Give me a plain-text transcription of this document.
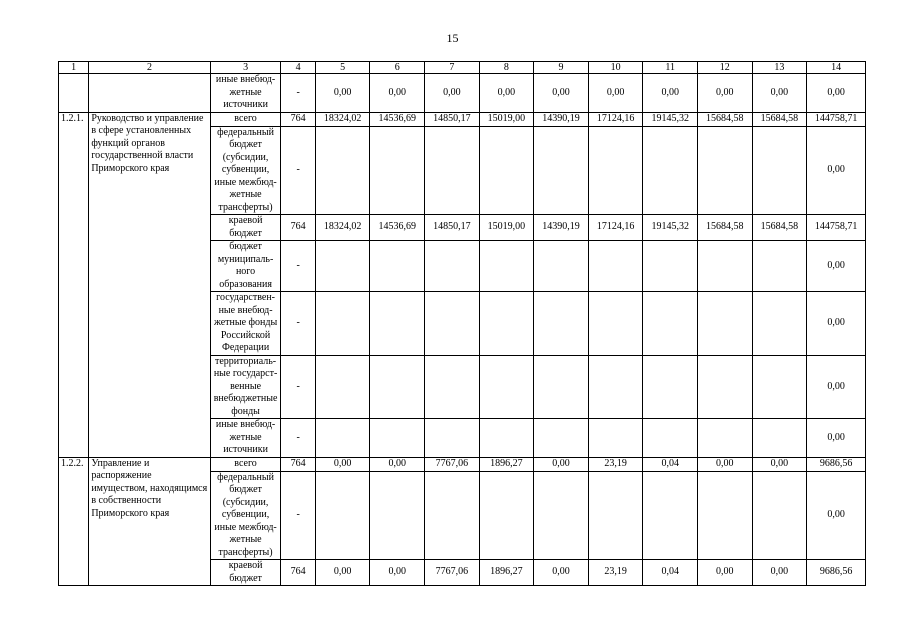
15
1	2	3	4	5	6	7	8	9	10	11	12	13	14
		иные внебюд-жетные источники	-	0,00	0,00	0,00	0,00	0,00	0,00	0,00	0,00	0,00	0,00
1.2.1.	Руководство и управление в сфере установленных функций органов государственной власти Приморского края	всего	764	18324,02	14536,69	14850,17	15019,00	14390,19	17124,16	19145,32	15684,58	15684,58	144758,71
		федеральный бюджет (субсидии, субвенции, иные межбюд-жетные трансферты)	-										0,00
		краевой бюджет	764	18324,02	14536,69	14850,17	15019,00	14390,19	17124,16	19145,32	15684,58	15684,58	144758,71
		бюджет муниципаль-ного образования	-										0,00
		государствен-ные внебюд-жетные фонды Российской Федерации	-										0,00
		территориаль-ные государст-венные внебюджетные фонды	-										0,00
		иные внебюд-жетные источники	-										0,00
1.2.2.	Управление и распоряжение имуществом, находящимся в собственности Приморского края	всего	764	0,00	0,00	7767,06	1896,27	0,00	23,19	0,04	0,00	0,00	9686,56
		федеральный бюджет (субсидии, субвенции, иные межбюд-жетные трансферты)	-										0,00
		краевой бюджет	764	0,00	0,00	7767,06	1896,27	0,00	23,19	0,04	0,00	0,00	9686,56
